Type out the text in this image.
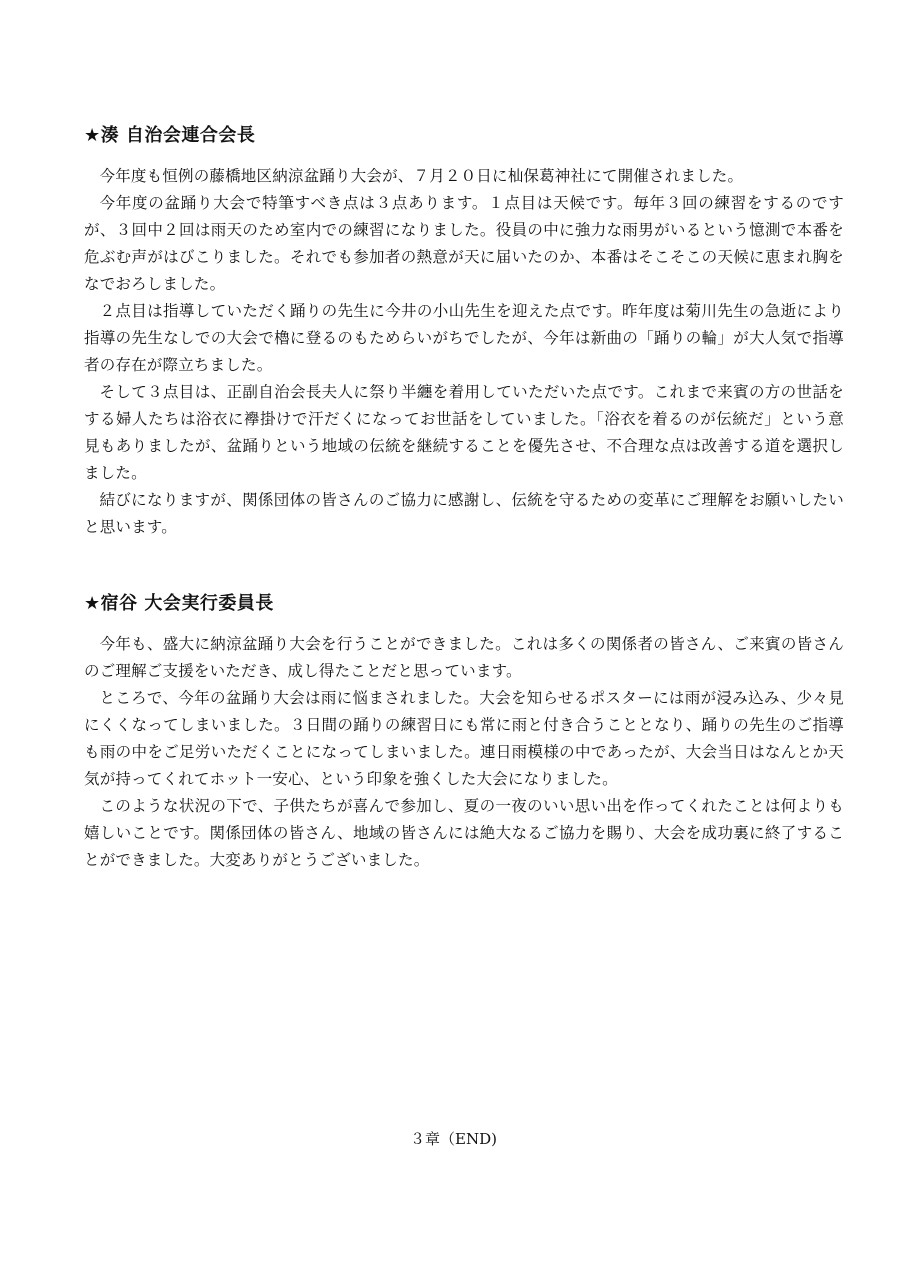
★湊 自治会連合会長

今年度も恒例の藤橋地区納涼盆踊り大会が、７月２０日に杣保葛神社にて開催されました。

今年度の盆踊り大会で特筆すべき点は３点あります。１点目は天候です。毎年３回の練習をするのですが、３回中２回は雨天のため室内での練習になりました。役員の中に強力な雨男がいるという憶測で本番を危ぶむ声がはびこりました。それでも参加者の熱意が天に届いたのか、本番はそこそこの天候に恵まれ胸をなでおろしました。

２点目は指導していただく踊りの先生に今井の小山先生を迎えた点です。昨年度は菊川先生の急逝により指導の先生なしでの大会で櫓に登るのもためらいがちでしたが、今年は新曲の「踊りの輪」が大人気で指導者の存在が際立ちました。

そして３点目は、正副自治会長夫人に祭り半纏を着用していただいた点です。これまで来賓の方の世話をする婦人たちは浴衣に襷掛けで汗だくになってお世話をしていました。「浴衣を着るのが伝統だ」という意見もありましたが、盆踊りという地域の伝統を継続することを優先させ、不合理な点は改善する道を選択しました。

結びになりますが、関係団体の皆さんのご協力に感謝し、伝統を守るための変革にご理解をお願いしたいと思います。

★宿谷 大会実行委員長

今年も、盛大に納涼盆踊り大会を行うことができました。これは多くの関係者の皆さん、ご来賓の皆さんのご理解ご支援をいただき、成し得たことだと思っています。

ところで、今年の盆踊り大会は雨に悩まされました。大会を知らせるポスターには雨が浸み込み、少々見にくくなってしまいました。３日間の踊りの練習日にも常に雨と付き合うこととなり、踊りの先生のご指導も雨の中をご足労いただくことになってしまいました。連日雨模様の中であったが、大会当日はなんとか天気が持ってくれてホット一安心、という印象を強くした大会になりました。

このような状況の下で、子供たちが喜んで参加し、夏の一夜のいい思い出を作ってくれたことは何よりも嬉しいことです。関係団体の皆さん、地域の皆さんには絶大なるご協力を賜り、大会を成功裏に終了することができました。大変ありがとうございました。

３章（END)
